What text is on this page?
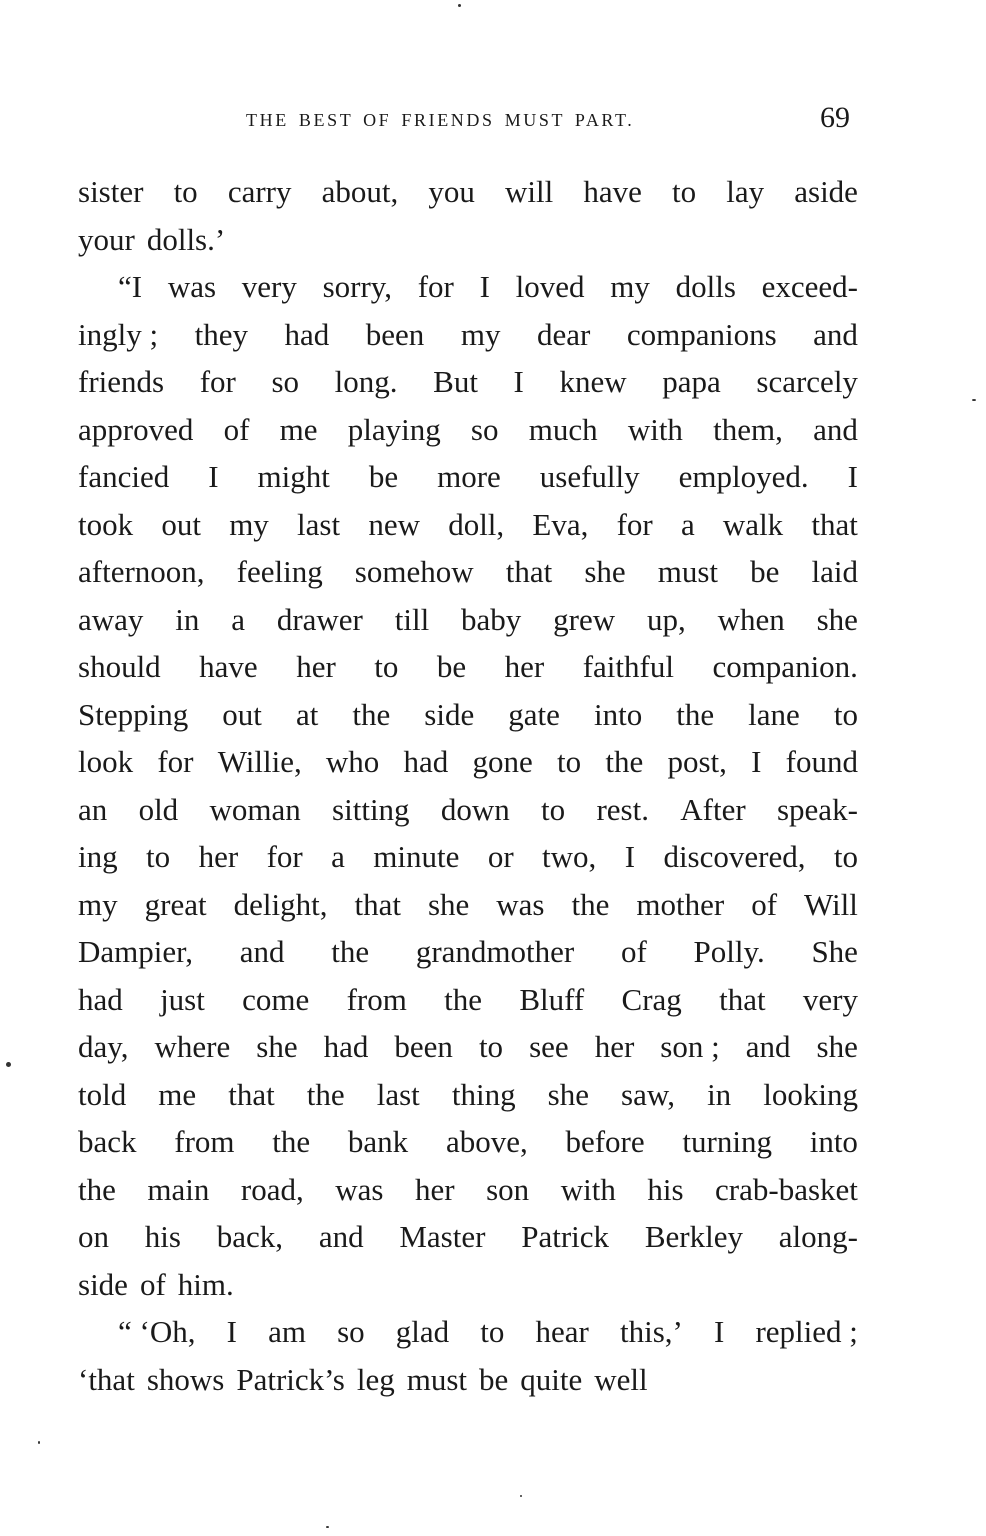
THE BEST OF FRIENDS MUST PART.	69
sister to carry about, you will have to lay aside
your dolls.’
“I was very sorry, for I loved my dolls exceed-
ingly ; they had been my dear companions and
friends for so long. But I knew papa scarcely
approved of me playing so much with them, and
fancied I might be more usefully employed. I
took out my last new doll, Eva, for a walk that
afternoon, feeling somehow that she must be laid
away in a drawer till baby grew up, when she
should have her to be her faithful companion.
Stepping out at the side gate into the lane to
look for Willie, who had gone to the post, I found
an old woman sitting down to rest. After speak-
ing to her for a minute or two, I discovered, to
my great delight, that she was the mother of Will
Dampier, and the grandmother of Polly. She
had just come from the Bluff Crag that very
day, where she had been to see her son ; and she
told me that the last thing she saw, in looking
back from the bank above, before turning into
the main road, was her son with his crab-basket
on his back, and Master Patrick Berkley along-
side of him.
“ ‘Oh, I am so glad to hear this,’ I replied ;
‘that shows Patrick’s leg must be quite well
